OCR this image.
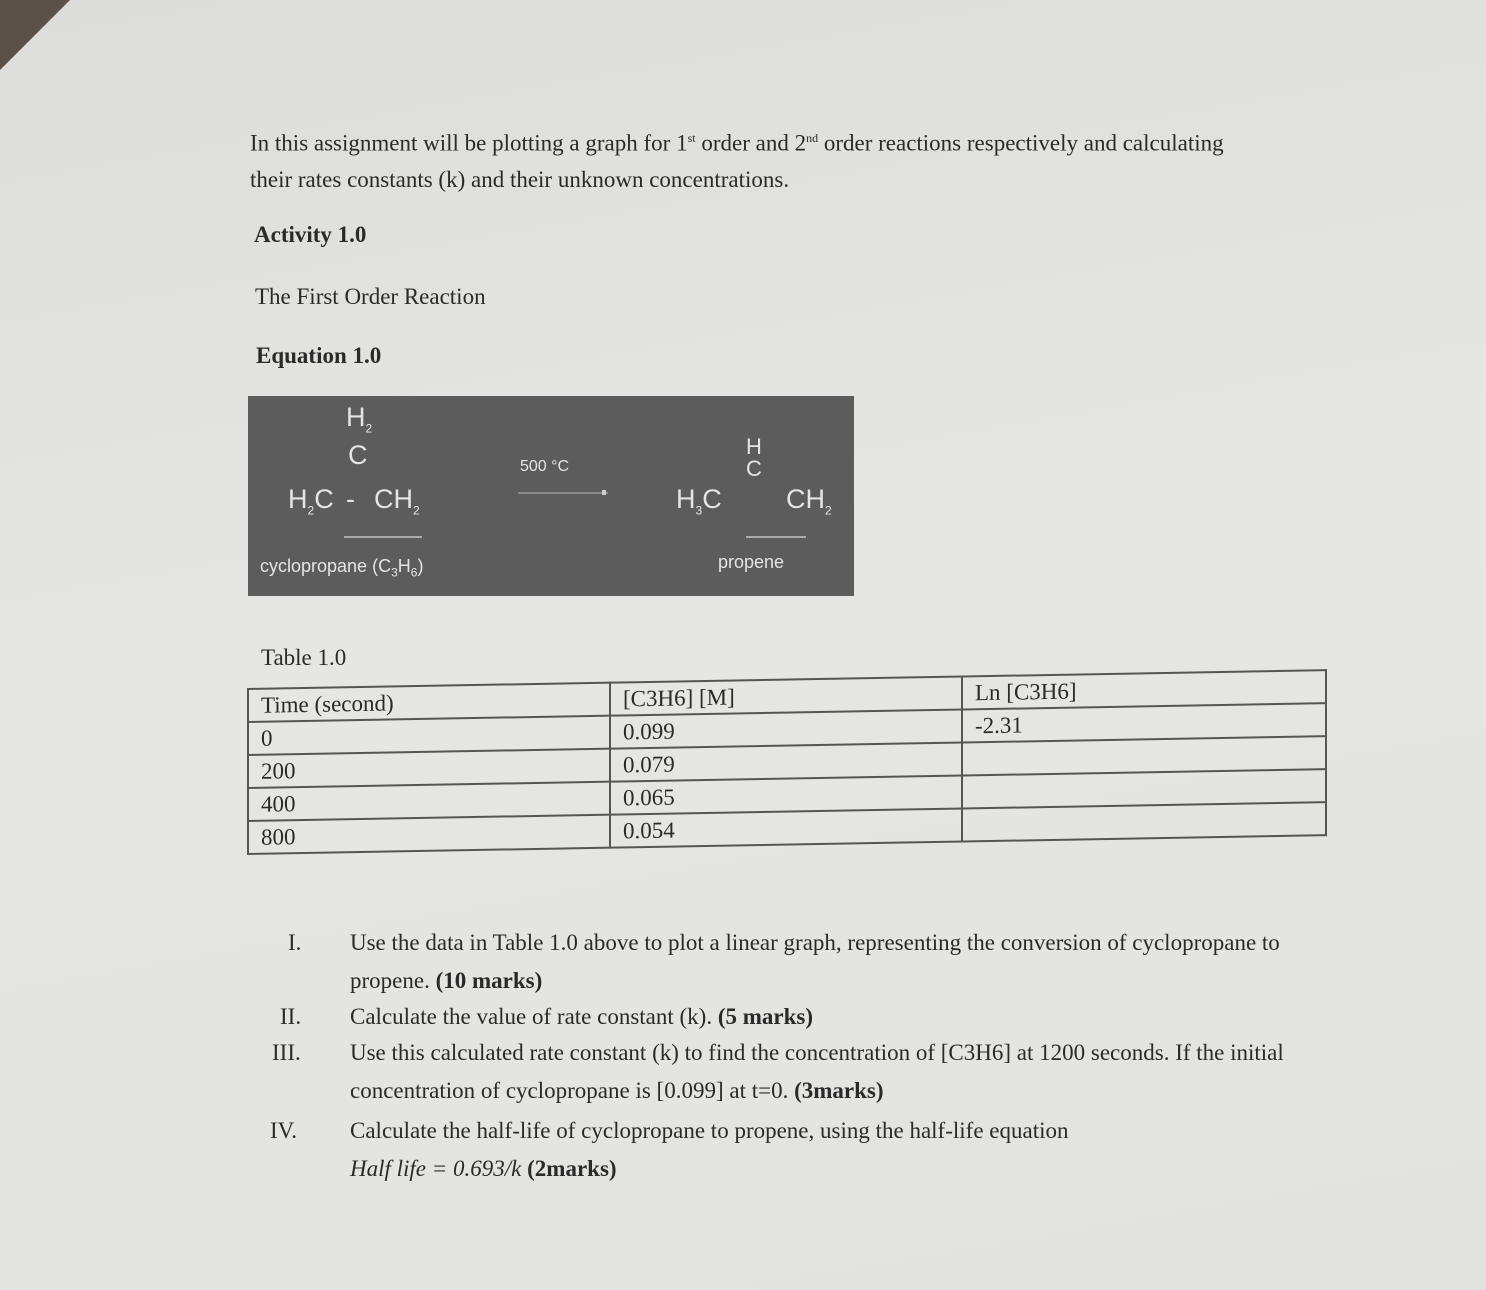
In this assignment will be plotting a graph for 1st order and 2nd order reactions respectively and calculating their rates constants (k) and their unknown concentrations.
Activity 1.0
The First Order Reaction
Equation 1.0
$H_2$
C
$H_2C - CH_2$
cyclopropane $(C_3H_6)$
500 °C
H
C
$H_3C$ $CH_2$
propene
Table 1.0
Time (second)	[C3H6] [M]	Ln [C3H6]
0	0.099	-2.31
200	0.079	
400	0.065	
800	0.054	
I.	Use the data in Table 1.0 above to plot a linear graph, representing the conversion of cyclopropane to propene. (10 marks)
II.	Calculate the value of rate constant (k). (5 marks)
III.	Use this calculated rate constant (k) to find the concentration of [C3H6] at 1200 seconds. If the initial concentration of cyclopropane is [0.099] at t=0. (3marks)
IV.	Calculate the half-life of cyclopropane to propene, using the half-life equation
Half life = 0.693/k (2marks)
